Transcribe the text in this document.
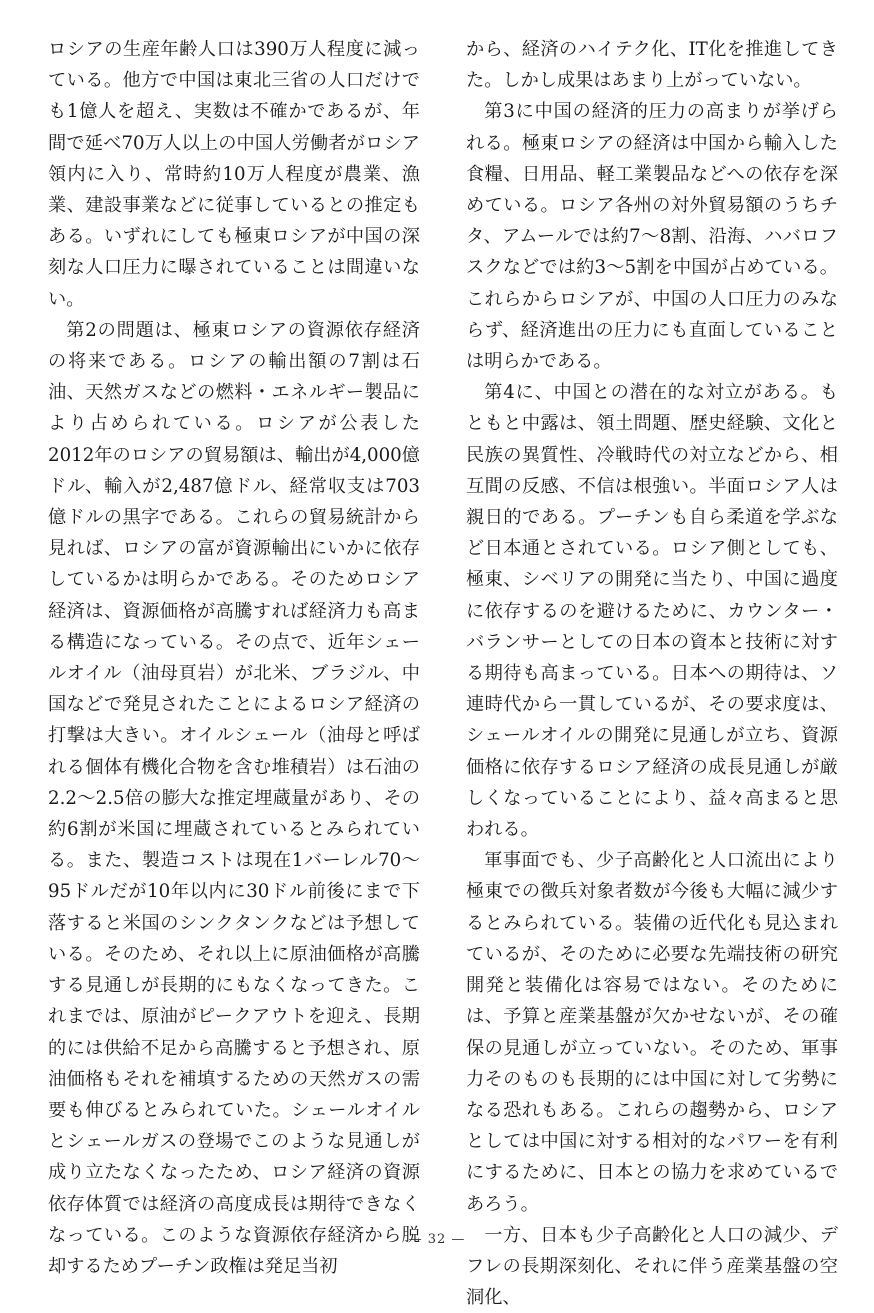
ロシアの生産年齢人口は390万人程度に減っている。他方で中国は東北三省の人口だけでも1億人を超え、実数は不確かであるが、年間で延べ70万人以上の中国人労働者がロシア領内に入り、常時約10万人程度が農業、漁業、建設事業などに従事しているとの推定もある。いずれにしても極東ロシアが中国の深刻な人口圧力に曝されていることは間違いない。

第2の問題は、極東ロシアの資源依存経済の将来である。ロシアの輸出額の7割は石油、天然ガスなどの燃料・エネルギー製品により占められている。ロシアが公表した2012年のロシアの貿易額は、輸出が4,000億ドル、輸入が2,487億ドル、経常収支は703億ドルの黒字である。これらの貿易統計から見れば、ロシアの富が資源輸出にいかに依存しているかは明らかである。そのためロシア経済は、資源価格が高騰すれば経済力も高まる構造になっている。その点で、近年シェールオイル（油母頁岩）が北米、ブラジル、中国などで発見されたことによるロシア経済の打撃は大きい。オイルシェール（油母と呼ばれる個体有機化合物を含む堆積岩）は石油の2.2〜2.5倍の膨大な推定埋蔵量があり、その約6割が米国に埋蔵されているとみられている。また、製造コストは現在1バーレル70〜95ドルだが10年以内に30ドル前後にまで下落すると米国のシンクタンクなどは予想している。そのため、それ以上に原油価格が高騰する見通しが長期的にもなくなってきた。これまでは、原油がピークアウトを迎え、長期的には供給不足から高騰すると予想され、原油価格もそれを補填するための天然ガスの需要も伸びるとみられていた。シェールオイルとシェールガスの登場でこのような見通しが成り立たなくなったため、ロシア経済の資源依存体質では経済の高度成長は期待できなくなっている。このような資源依存経済から脱却するためプーチン政権は発足当初

から、経済のハイテク化、IT化を推進してきた。しかし成果はあまり上がっていない。

第3に中国の経済的圧力の高まりが挙げられる。極東ロシアの経済は中国から輸入した食糧、日用品、軽工業製品などへの依存を深めている。ロシア各州の対外貿易額のうちチタ、アムールでは約7〜8割、沿海、ハバロフスクなどでは約3〜5割を中国が占めている。これらからロシアが、中国の人口圧力のみならず、経済進出の圧力にも直面していることは明らかである。

第4に、中国との潜在的な対立がある。もともと中露は、領土問題、歴史経験、文化と民族の異質性、冷戦時代の対立などから、相互間の反感、不信は根強い。半面ロシア人は親日的である。プーチンも自ら柔道を学ぶなど日本通とされている。ロシア側としても、極東、シベリアの開発に当たり、中国に過度に依存するのを避けるために、カウンター・バランサーとしての日本の資本と技術に対する期待も高まっている。日本への期待は、ソ連時代から一貫しているが、その要求度は、シェールオイルの開発に見通しが立ち、資源価格に依存するロシア経済の成長見通しが厳しくなっていることにより、益々高まると思われる。

軍事面でも、少子高齢化と人口流出により極東での徴兵対象者数が今後も大幅に減少するとみられている。装備の近代化も見込まれているが、そのために必要な先端技術の研究開発と装備化は容易ではない。そのためには、予算と産業基盤が欠かせないが、その確保の見通しが立っていない。そのため、軍事力そのものも長期的には中国に対して劣勢になる恐れもある。これらの趨勢から、ロシアとしては中国に対する相対的なパワーを有利にするために、日本との協力を求めているであろう。

一方、日本も少子高齢化と人口の減少、デフレの長期深刻化、それに伴う産業基盤の空洞化、

— 32 —
